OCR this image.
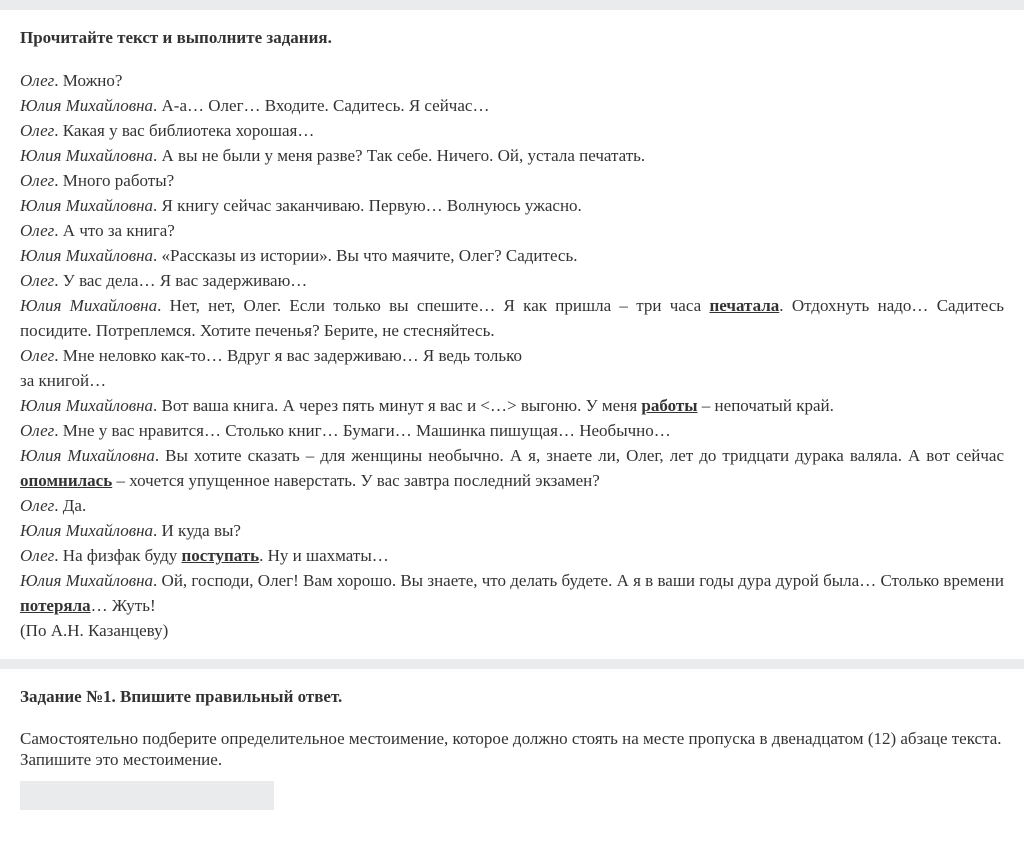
Прочитайте текст и выполните задания.

Олег. Можно?

Юлия Михайловна. А-а… Олег… Входите. Садитесь. Я сейчас…

Олег. Какая у вас библиотека хорошая…

Юлия Михайловна. А вы не были у меня разве? Так себе. Ничего. Ой, устала печатать.

Олег. Много работы?

Юлия Михайловна. Я книгу сейчас заканчиваю. Первую… Волнуюсь ужасно.

Олег. А что за книга?

Юлия Михайловна. «Рассказы из истории». Вы что маячите, Олег? Садитесь.

Олег. У вас дела… Я вас задерживаю…

Юлия Михайловна. Нет, нет, Олег. Если только вы спешите… Я как пришла – три часа печатала. Отдохнуть надо… Садитесь посидите. Потреплемся. Хотите печенья? Берите, не стесняйтесь.

Олег. Мне неловко как-то… Вдруг я вас задерживаю… Я ведь только
за книгой…

Юлия Михайловна. Вот ваша книга. А через пять минут я вас и <…> выгоню. У меня работы – непочатый край.

Олег. Мне у вас нравится… Столько книг… Бумаги… Машинка пишущая… Необычно…

Юлия Михайловна. Вы хотите сказать – для женщины необычно. А я, знаете ли, Олег, лет до тридцати дурака валяла. А вот сейчас опомнилась – хочется упущенное наверстать. У вас завтра последний экзамен?

Олег. Да.

Юлия Михайловна. И куда вы?

Олег. На физфак буду поступать. Ну и шахматы…

Юлия Михайловна. Ой, господи, Олег! Вам хорошо. Вы знаете, что делать будете. А я в ваши годы дура дурой была… Столько времени потеряла… Жуть!

(По А.Н. Казанцеву)

Задание №1. Впишите правильный ответ.

Самостоятельно подберите определительное местоимение, которое должно стоять на месте пропуска в двенадцатом (12) абзаце текста. Запишите это местоимение.
